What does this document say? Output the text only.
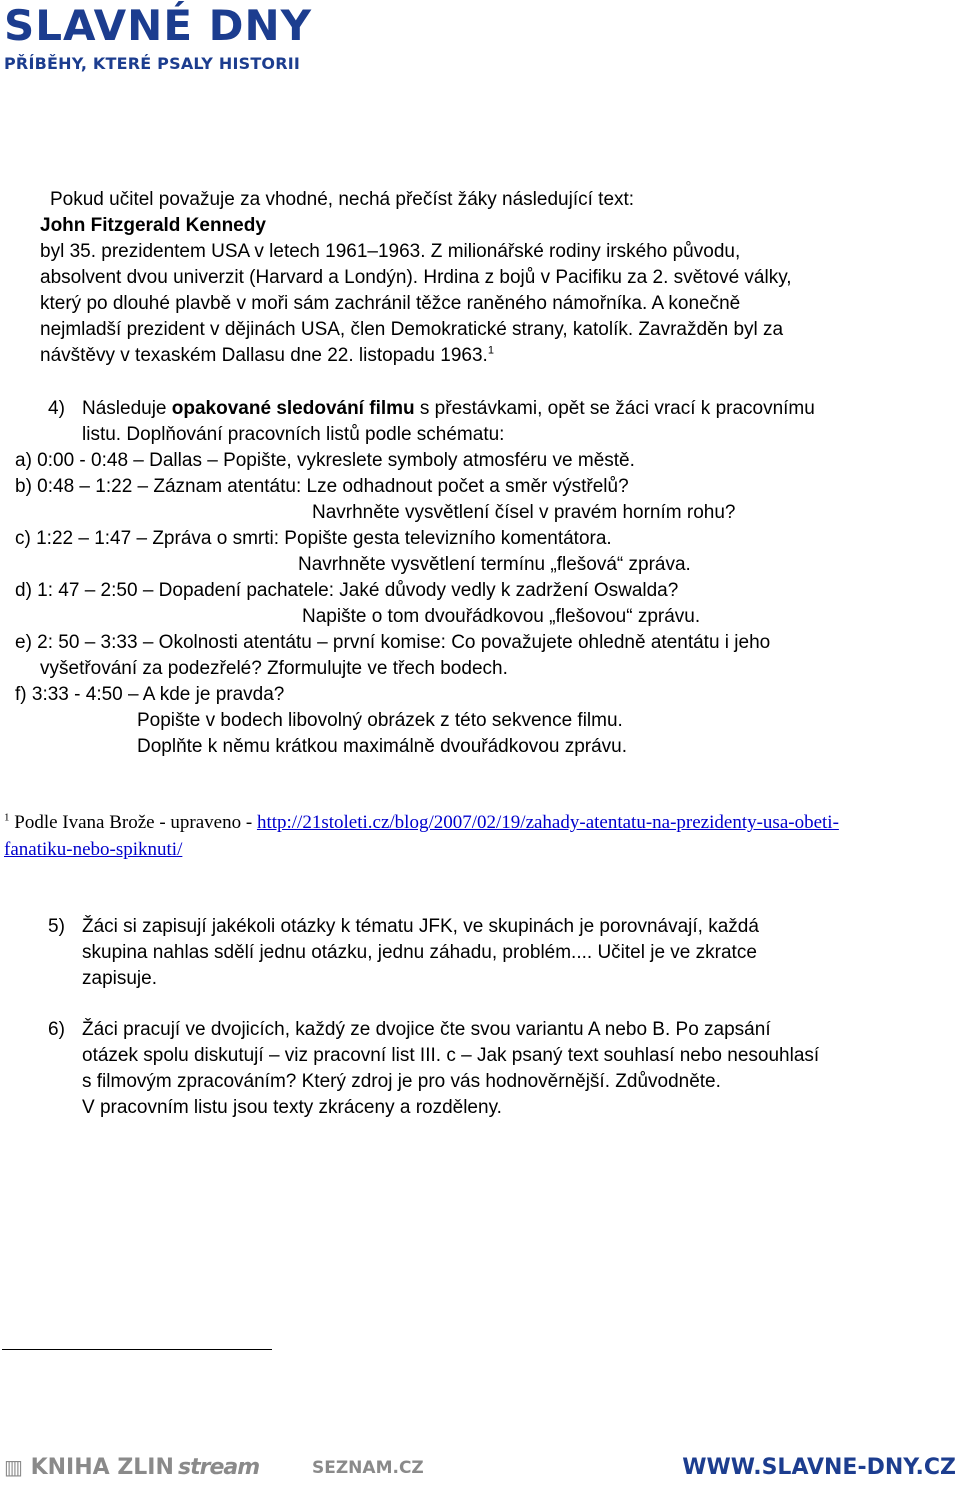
SLAVNÉ DNY
PŘÍBĚHY, KTERÉ PSALY HISTORII
Pokud učitel považuje za vhodné, nechá přečíst žáky následující text:
John Fitzgerald Kennedy
byl 35. prezidentem USA v letech 1961–1963. Z milionářské rodiny irského původu,
absolvent dvou univerzit (Harvard a Londýn). Hrdina z bojů v Pacifiku za 2. světové války,
který po dlouhé plavbě v moři sám zachránil těžce raněného námořníka. A konečně
nejmladší prezident v dějinách USA, člen Demokratické strany, katolík. Zavražděn byl za
návštěvy v texaském Dallasu dne 22. listopadu 1963.$^1$
4) Následuje opakované sledování filmu s přestávkami, opět se žáci vrací k pracovnímu
listu. Doplňování pracovních listů podle schématu:
a) 0:00 - 0:48 – Dallas – Popište, vykreslete symboly atmosféru ve městě.
b) 0:48 – 1:22 – Záznam atentátu: Lze odhadnout počet a směr výstřelů?
Navrhněte vysvětlení čísel v pravém horním rohu?
c) 1:22 – 1:47 – Zpráva o smrti: Popište gesta televizního komentátora.
Navrhněte vysvětlení termínu „flešová“ zpráva.
d) 1: 47 – 2:50 – Dopadení pachatele: Jaké důvody vedly k zadržení Oswalda?
Napište o tom dvouřádkovou „flešovou“ zprávu.
e) 2: 50 – 3:33 – Okolnosti atentátu – první komise: Co považujete ohledně atentátu i jeho
vyšetřování za podezřelé? Zformulujte ve třech bodech.
f) 3:33 - 4:50 – A kde je pravda?
Popište v bodech libovolný obrázek z této sekvence filmu.
Doplňte k němu krátkou maximálně dvouřádkovou zprávu.
$^1$ Podle Ivana Brože - upraveno - http://21stoleti.cz/blog/2007/02/19/zahady-atentatu-na-prezidenty-usa-obeti-
fanatiku-nebo-spiknuti/
5) Žáci si zapisují jakékoli otázky k tématu JFK, ve skupinách je porovnávají, každá
skupina nahlas sdělí jednu otázku, jednu záhadu, problém.... Učitel je ve zkratce
zapisuje.
6) Žáci pracují ve dvojicích, každý ze dvojice čte svou variantu A nebo B. Po zapsání
otázek spolu diskutují – viz pracovní list III. c – Jak psaný text souhlasí nebo nesouhlasí
s filmovým zpracováním? Který zdroj je pro vás hodnověrnější. Zdůvodněte.
V pracovním listu jsou texty zkráceny a rozděleny.
▥ KNIHA ZLIN stream	SEZNAM.CZ	WWW.SLAVNE-DNY.CZ
